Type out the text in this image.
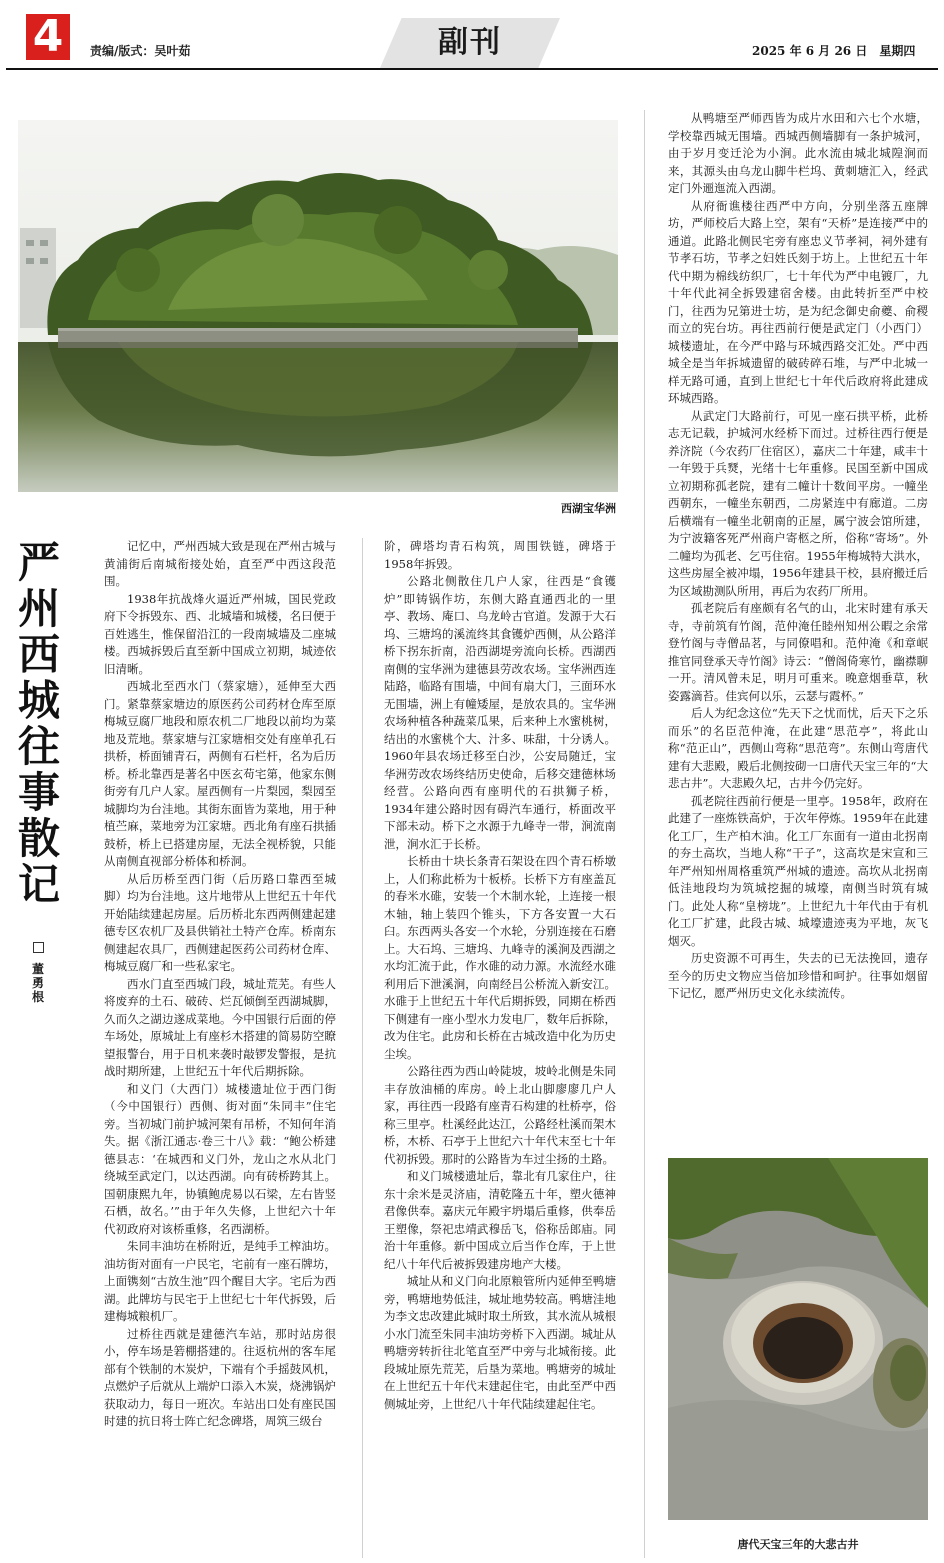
4	责编/版式：吴叶茹	副刊	2025 年 6 月 26 日　星期四
西湖宝华洲
严州西城往事散记
董勇根

记忆中，严州西城大致是现在严州古城与黄浦街后南城衔接处始，直至严中西这段范围。

1938年抗战烽火逼近严州城，国民党政府下令拆毁东、西、北城墙和城楼，名曰便于百姓逃生，惟保留沿江的一段南城墙及二座城楼。西城拆毁后直至新中国成立初期，城迹依旧清晰。

西城北至西水门（蔡家塘），延伸至大西门。紧靠蔡家塘边的原医药公司药材仓库至原梅城豆腐厂地段和原农机二厂地段以前均为菜地及荒地。蔡家塘与江家塘相交处有座单孔石拱桥，桥面铺青石，两侧有石栏杆，名为后历桥。桥北靠西是著名中医玄苟宅第，他家东侧街旁有几户人家。屋西侧有一片梨园，梨园至城脚均为台洼地。其街东面皆为菜地，用于种植苎麻，菜地旁为江家塘。西北角有座石拱插鼓桥，桥上已搭建房屋，无法全视桥貌，只能从南侧直视部分桥体和桥洞。

从后历桥至西门街（后历路口靠西至城脚）均为台洼地。这片地带从上世纪五十年代开始陆续建起房屋。后历桥北东西两侧建起建德专区农机厂及县供销社土特产仓库。桥南东侧建起农具厂，西侧建起医药公司药材仓库、梅城豆腐厂和一些私家宅。

西水门直至西城门段，城址荒芜。有些人将废弃的土石、破砖、烂瓦倾倒至西湖城脚，久而久之湖边遂成菜地。今中国银行后面的停车场处，原城址上有座杉木搭建的简易防空瞭望报警台，用于日机来袭时敲锣发警报，是抗战时期所建，上世纪五十年代后期拆除。

和义门（大西门）城楼遗址位于西门街（今中国银行）西侧、街对面“朱同丰”住宅旁。当初城门前护城河架有吊桥，不知何年消失。据《浙江通志·卷三十八》载：“鲍公桥建德县志：‘在城西和义门外，龙山之水从北门绕城至武定门，以达西湖。向有砖桥跨其上。国朝康熙九年，协镇鲍虎易以石梁，左右皆竖石栖，故名。’”由于年久失修，上世纪六十年代初政府对该桥重修，名西湖桥。

朱同丰油坊在桥附近，是纯手工榨油坊。油坊街对面有一户民宅，宅前有一座石牌坊，上面镌刻“古放生池”四个醒目大字。宅后为西湖。此牌坊与民宅于上世纪七十年代拆毁，后建梅城粮机厂。

过桥往西就是建德汽车站，那时站房很小，停车场是箬棚搭建的。往返杭州的客车尾部有个铁制的木炭炉，下端有个手摇鼓风机，点燃炉子后就从上端炉口添入木炭，烧沸锅炉获取动力，每日一班次。车站出口处有座民国时建的抗日将士阵亡纪念碑塔，周筑三级台

阶，碑塔均青石构筑，周围铁链，碑塔于1958年拆毁。

公路北侧散住几户人家，往西是“食镬炉”即铸锅作坊，东侧大路直通西北的一里亭、教场、庵口、乌龙岭古官道。发源于大石坞、三塘坞的溪流终其食镬炉西侧，从公路洋桥下拐东折南，沿西湖堤旁流向长桥。西湖西南侧的宝华洲为建德县劳改农场。宝华洲西连陆路，临路有围墙，中间有扇大门，三面环水无围墙，洲上有幢矮屋，是放农具的。宝华洲农场种植各种蔬菜瓜果，后来种上水蜜桃树，结出的水蜜桃个大、汁多、味甜，十分诱人。1960年县农场迁移至白沙，公安局随迁，宝华洲劳改农场终结历史使命，后移交建德林场经营。公路向西有座明代的石拱狮子桥，1934年建公路时因有碍汽车通行，桥面改平下部未动。桥下之水源于九峰寺一带，涧流南泄，涧水汇于长桥。

长桥由十块长条青石架设在四个青石桥墩上，人们称此桥为十板桥。长桥下方有座盖瓦的春米水碓，安装一个木制水轮，上连接一根木轴，轴上装四个锥头，下方各安置一大石臼。东西两头各安一个水轮，分别连接在石磨上。大石坞、三塘坞、九峰寺的溪涧及西湖之水均汇流于此，作水碓的动力源。水流经水碓利用后下泄溪涧，向南经吕公桥流入新安江。水碓于上世纪五十年代后期拆毁，同期在桥西下侧建有一座小型水力发电厂，数年后拆除，改为住宅。此房和长桥在古城改造中化为历史尘埃。

公路往西为西山岭陡坡，坡岭北侧是朱同丰存放油桶的库房。岭上北山脚廖廖几户人家，再往西一段路有座青石构建的杜桥亭，俗称三里亭。杜溪经此达江，公路经杜溪而架木桥，木桥、石亭于上世纪六十年代末至七十年代初拆毁。那时的公路皆为车过尘扬的土路。

和义门城楼遗址后，靠北有几家住户，往东十余米是灵济庙，清乾隆五十年，塑火德神君像供奉。嘉庆元年殿宇坍塌后重修，供奉岳王塑像，祭祀忠靖武穆岳飞，俗称岳郎庙。同治十年重修。新中国成立后当作仓库，于上世纪八十年代后被拆毁建房地产大楼。

城址从和义门向北原粮管所内延伸至鸭塘旁，鸭塘地势低洼，城址地势较高。鸭塘洼地为李文忠改建此城时取土所致，其水流从城根小水门流至朱同丰油坊旁桥下入西湖。城址从鸭塘旁转折往北笔直至严中旁与北城衔接。此段城址原先荒芜，后垦为菜地。鸭塘旁的城址在上世纪五十年代末建起住宅，由此至严中西侧城址旁，上世纪八十年代陆续建起住宅。

从鸭塘至严师西皆为成片水田和六七个水塘，学校靠西城无围墙。西城西侧墙脚有一条护城河，由于岁月变迁沦为小涧。此水流由城北城隍涧而来，其源头由乌龙山脚牛栏坞、黄刺塘汇入，经武定门外逦迤流入西湖。

从府衙谯楼往西严中方向，分别坐落五座牌坊，严师校后大路上空，架有“天桥”是连接严中的通道。此路北侧民宅旁有座忠义节孝祠，祠外建有节孝石坊，节孝之妇姓氏刻于坊上。上世纪五十年代中期为棉线纺织厂，七十年代为严中电镀厂，九十年代此祠全拆毁建宿舍楼。由此转折至严中校门，往西为兄第进士坊，是为纪念御史俞夔、俞稷而立的宪台坊。再往西前行便是武定门（小西门）城楼遗址，在今严中路与环城西路交汇处。严中西城全是当年拆城遗留的破砖碎石堆，与严中北城一样无路可通，直到上世纪七十年代后政府将此建成环城西路。

从武定门大路前行，可见一座石拱平桥，此桥志无记载，护城河水经桥下而过。过桥往西行便是养济院（今农药厂住宿区），嘉庆二十年建，咸丰十一年毁于兵燹，光绪十七年重修。民国至新中国成立初期称孤老院，建有二幢计十数间平房。一幢坐西朝东，一幢坐东朝西，二房紧连中有廊道。二房后横端有一幢坐北朝南的正屋，属宁波会馆所建，为宁波籍客死严州商户寄柩之所，俗称“寄场”。外二幢均为孤老、乞丐住宿。1955年梅城特大洪水，这些房屋全被冲塌，1956年建县干校，县府搬迁后为区域勘测队所用，再后为农药厂所用。

孤老院后有座颇有名气的山，北宋时建有承天寺，寺前筑有竹阁，范仲淹任睦州知州公暇之余常登竹阁与寺僧品茗，与同僚唱和。范仲淹《和章岷推官同登承天寺竹阁》诗云：“僧阁倚寒竹，幽襟聊一开。清风曾未足，明月可重来。晚意烟垂草，秋姿露滴苔。佳宾何以乐，云瑟与霞杯。”

后人为纪念这位“先天下之忧而忧，后天下之乐而乐”的名臣范仲淹，在此建“思范亭”，将此山称“范正山”，西侧山弯称“思范弯”。东侧山弯唐代建有大悲殿，殿后北侧按砌一口唐代天宝三年的“大悲古井”。大悲殿久圮，古井今仍完好。

孤老院往西前行便是一里亭。1958年，政府在此建了一座炼铁高炉，于次年停炼。1959年在此建化工厂，生产柏木油。化工厂东面有一道由北拐南的夯土高坎，当地人称“干子”，这高坎是宋宣和三年严州知州周格重筑严州城的遗迹。高坎从北拐南低洼地段均为筑城挖掘的城壕，南侧当时筑有城门。此处人称“皇榜垅”。上世纪九十年代由于有机化工厂扩建，此段古城、城壕遗迹夷为平地，灰飞烟灭。

历史资源不可再生，失去的已无法挽回，遗存至今的历史文物应当倍加珍惜和呵护。往事如烟留下记忆，愿严州历史文化永续流传。

唐代天宝三年的大悲古井
